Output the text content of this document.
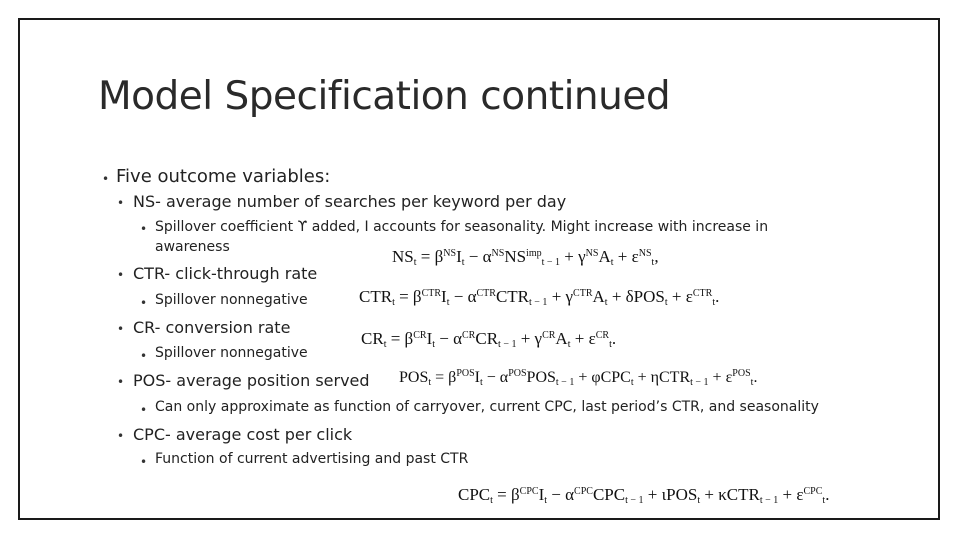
Model Specification continued
• Five outcome variables:
• NS- average number of searches per keyword per day
• Spillover coefficient ϒ added, I accounts for seasonality. Might increase with increase in
awareness
• CTR- click-through rate
• Spillover nonnegative
• CR- conversion rate
• Spillover nonnegative
• POS- average position served
• Can only approximate as function of carryover, current CPC, last period’s CTR, and seasonality
• CPC- average cost per click
• Function of current advertising and past CTR
$NS_t = \beta^{NS}I_t - \alpha^{NS}NS^{imp}_{t - 1} + \gamma^{NS}A_t + \varepsilon^{NS}_t$,
$CTR_t = \beta^{CTR}I_t - \alpha^{CTR}CTR_{t - 1} + \gamma^{CTR}A_t + \delta POS_t + \varepsilon^{CTR}_t$.
$CR_t = \beta^{CR}I_t - \alpha^{CR}CR_{t - 1} + \gamma^{CR}A_t + \varepsilon^{CR}_t$.
$POS_t = \beta^{POS}I_t - \alpha^{POS}POS_{t - 1} + \varphi CPC_t + \eta CTR_{t - 1} + \varepsilon^{POS}_t$.
$CPC_t = \beta^{CPC}I_t - \alpha^{CPC}CPC_{t - 1} + \iota POS_t + \kappa CTR_{t - 1} + \varepsilon^{CPC}_t$.
